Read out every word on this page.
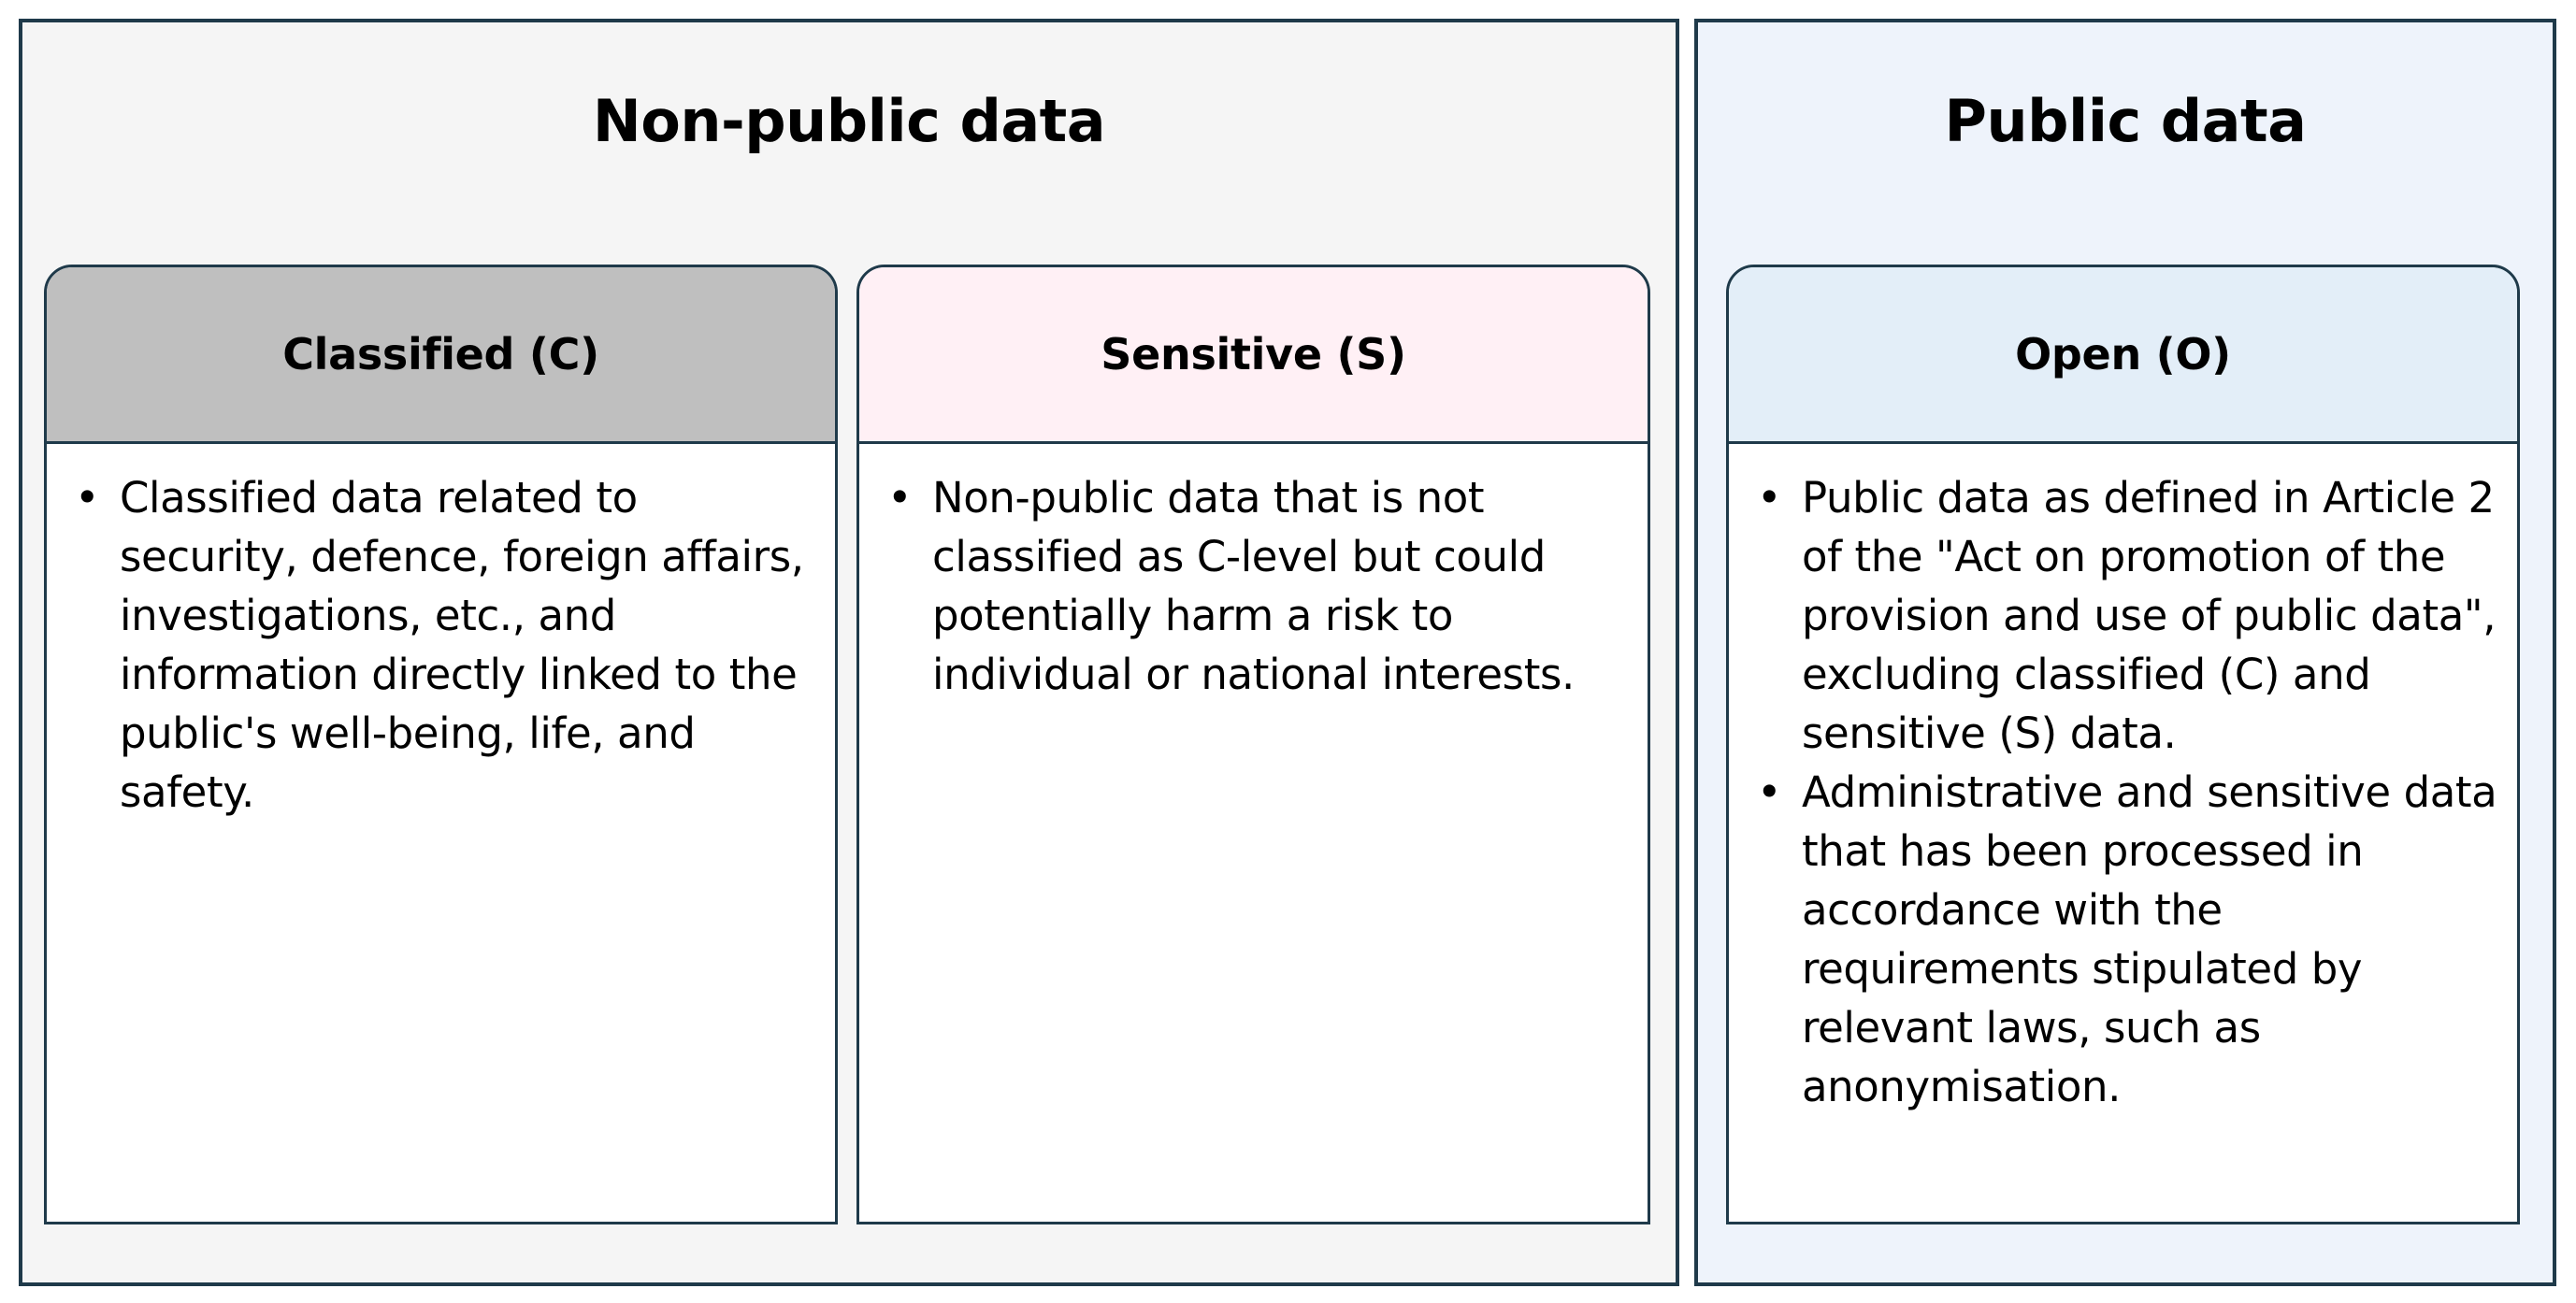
Non-public data
Classified (C)
• Classified data related to security, defence, foreign affairs, investigations, etc., and information directly linked to the public's well-being, life, and safety.
Sensitive (S)
• Non-public data that is not classified as C-level but could potentially harm a risk to individual or national interests.
Public data
Open (O)
• Public data as defined in Article 2 of the "Act on promotion of the provision and use of public data", excluding classified (C) and sensitive (S) data.
• Administrative and sensitive data that has been processed in accordance with the requirements stipulated by relevant laws, such as anonymisation.
